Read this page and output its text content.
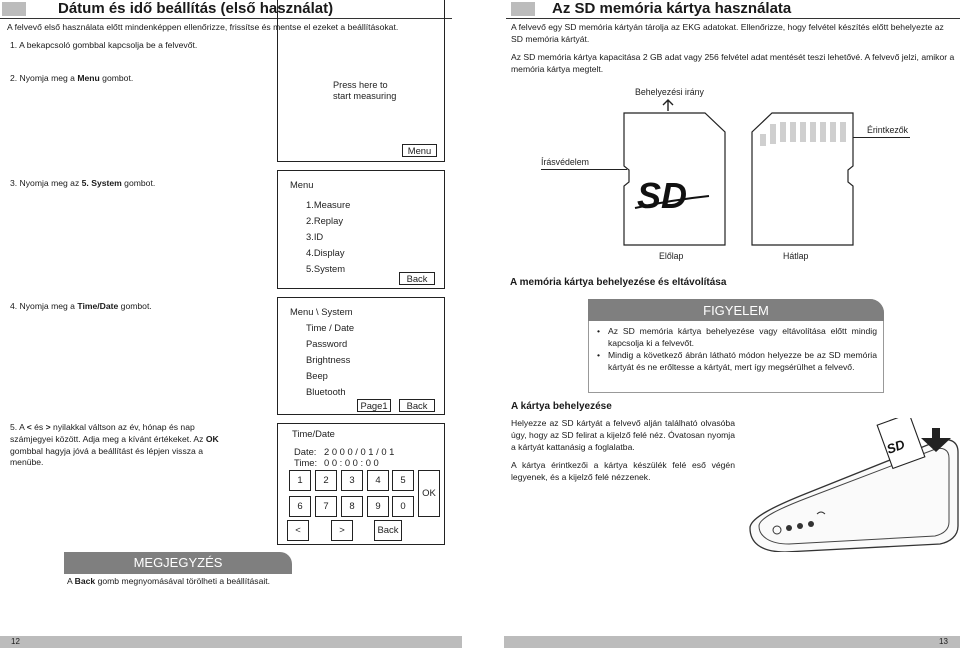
Dátum és idő beállítás (első használat)
A felvevő első használata előtt mindenképpen ellenőrizze, frissítse és mentse el ezeket a beállításokat.
1. A bekapcsoló gombbal kapcsolja be a felvevőt.
2. Nyomja meg a Menu gombot.
3. Nyomja meg az 5. System gombot.
4. Nyomja meg a Time/Date gombot.
5. A < és > nyilakkal váltson az év, hónap és nap számjegyei között. Adja meg a kívánt értékeket. Az OK gombbal hagyja jóvá a beállítást és lépjen vissza a menübe.
Press here to
start measuring
Menu
Menu
1.Measure
2.Replay
3.ID
4.Display
5.System
Back
Menu \ System
Time / Date
Password
Brightness
Beep
Bluetooth
Page1	Back
Time/Date
Date: 2 0 0 0 / 0 1 / 0 1
Time: 0 0 : 0 0 : 0 0
1	2	3	4	5
6	7	8	9	0
OK
<	>	Back
MEGJEGYZÉS
A Back gomb megnyomásával törölheti a beállításait.
12
Az SD memória kártya használata
A felvevő egy SD memória kártyán tárolja az EKG adatokat. Ellenőrizze, hogy felvétel készítés előtt behelyezte az SD memória kártyát.
Az SD memória kártya kapacitása 2 GB adat vagy 256 felvétel adat mentését teszi lehetővé. A felvevő jelzi, amikor a memória kártya megtelt.
Behelyezési irány
Érintkezők
Írásvédelem
SD
Előlap	Hátlap
A memória kártya behelyezése és eltávolítása
FIGYELEM
• Az SD memória kártya behelyezése vagy eltávolítása előtt mindig kapcsolja ki a felvevőt.
• Mindig a következő ábrán látható módon helyezze be az SD memória kártyát és ne erőltesse a kártyát, mert így megsérülhet a felvevő.
A kártya behelyezése
Helyezze az SD kártyát a felvevő alján található olvasóba úgy, hogy az SD felirat a kijelző felé néz. Óvatosan nyomja a kártyát kattanásig a foglalatba.
A kártya érintkezői a kártya készülék felé eső végén legyenek, és a kijelző felé nézzenek.
SD
13
